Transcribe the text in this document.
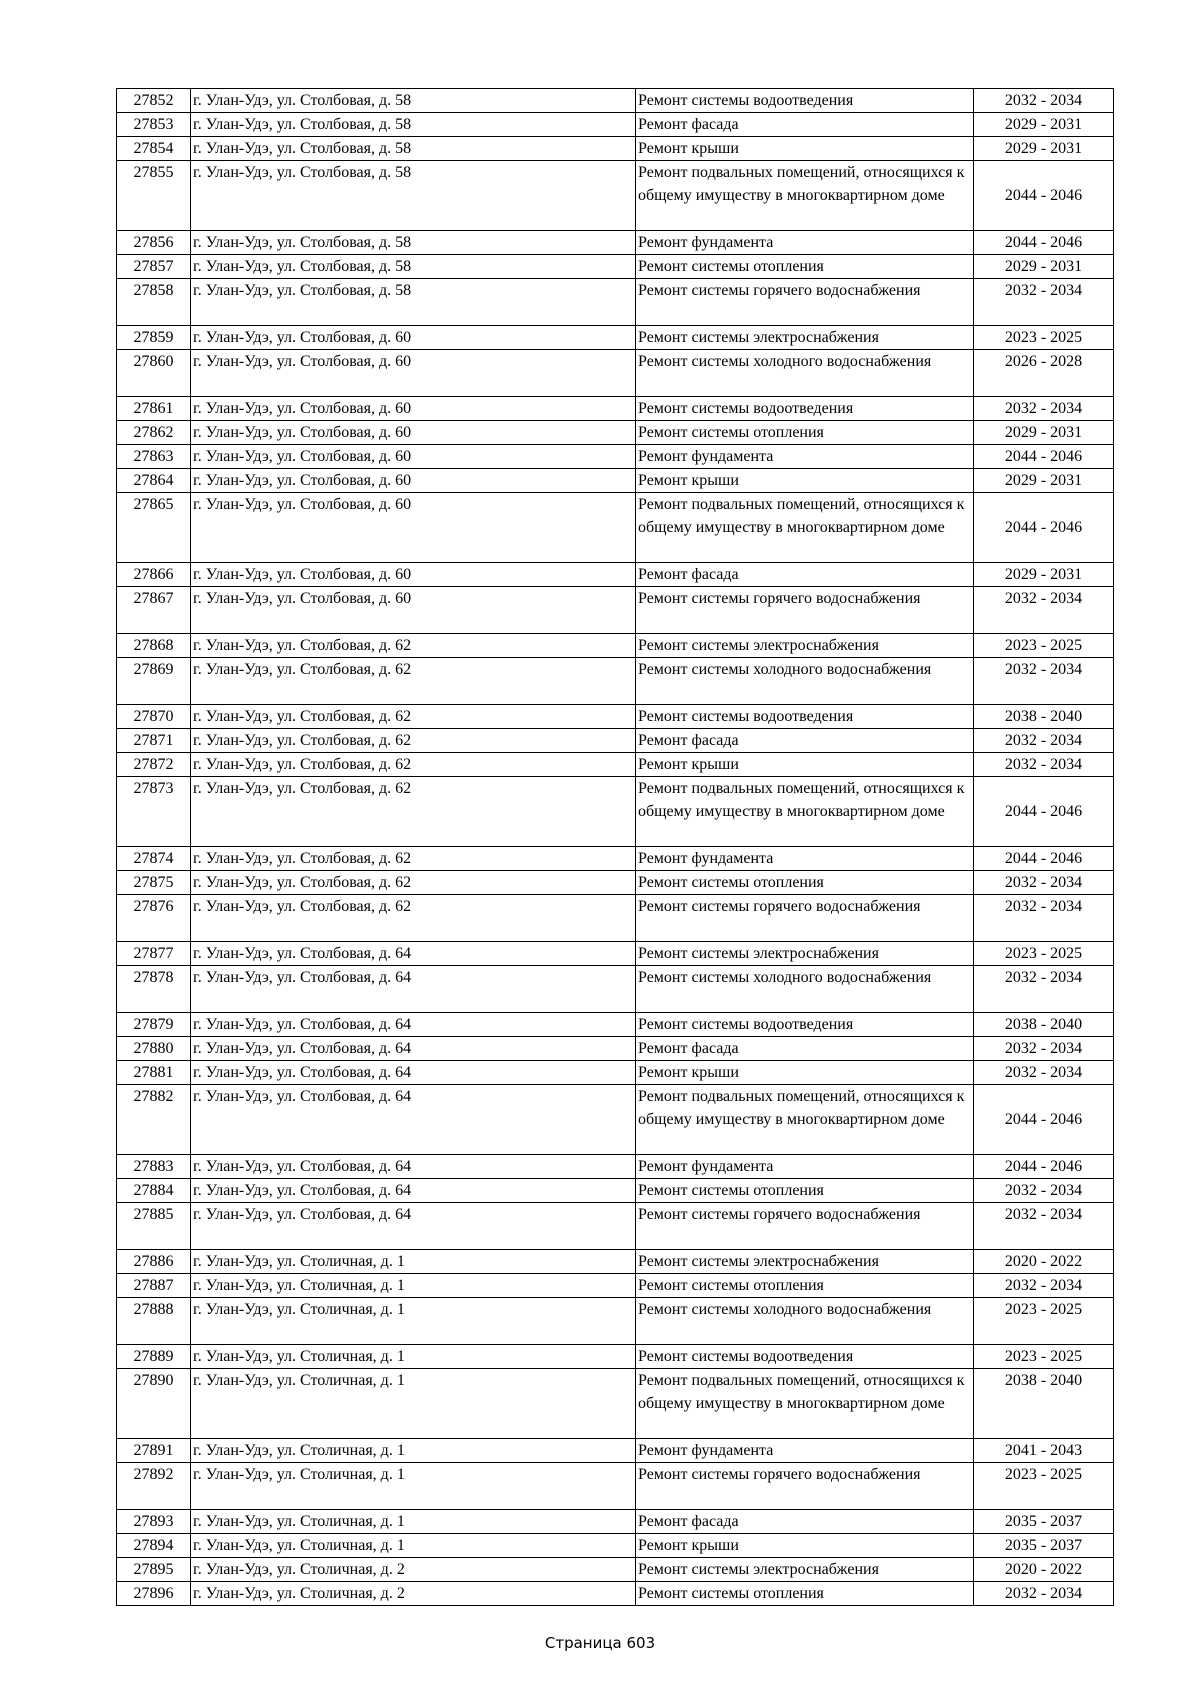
27852	г. Улан-Удэ, ул. Столбовая, д. 58	Ремонт системы водоотведения	2032 - 2034
27853	г. Улан-Удэ, ул. Столбовая, д. 58	Ремонт фасада	2029 - 2031
27854	г. Улан-Удэ, ул. Столбовая, д. 58	Ремонт крыши	2029 - 2031
27855	г. Улан-Удэ, ул. Столбовая, д. 58	Ремонт подвальных помещений, относящихся к общему имуществу в многоквартирном доме	2044 - 2046
27856	г. Улан-Удэ, ул. Столбовая, д. 58	Ремонт фундамента	2044 - 2046
27857	г. Улан-Удэ, ул. Столбовая, д. 58	Ремонт системы отопления	2029 - 2031
27858	г. Улан-Удэ, ул. Столбовая, д. 58	Ремонт системы горячего водоснабжения	2032 - 2034
27859	г. Улан-Удэ, ул. Столбовая, д. 60	Ремонт системы электроснабжения	2023 - 2025
27860	г. Улан-Удэ, ул. Столбовая, д. 60	Ремонт системы холодного водоснабжения	2026 - 2028
27861	г. Улан-Удэ, ул. Столбовая, д. 60	Ремонт системы водоотведения	2032 - 2034
27862	г. Улан-Удэ, ул. Столбовая, д. 60	Ремонт системы отопления	2029 - 2031
27863	г. Улан-Удэ, ул. Столбовая, д. 60	Ремонт фундамента	2044 - 2046
27864	г. Улан-Удэ, ул. Столбовая, д. 60	Ремонт крыши	2029 - 2031
27865	г. Улан-Удэ, ул. Столбовая, д. 60	Ремонт подвальных помещений, относящихся к общему имуществу в многоквартирном доме	2044 - 2046
27866	г. Улан-Удэ, ул. Столбовая, д. 60	Ремонт фасада	2029 - 2031
27867	г. Улан-Удэ, ул. Столбовая, д. 60	Ремонт системы горячего водоснабжения	2032 - 2034
27868	г. Улан-Удэ, ул. Столбовая, д. 62	Ремонт системы электроснабжения	2023 - 2025
27869	г. Улан-Удэ, ул. Столбовая, д. 62	Ремонт системы холодного водоснабжения	2032 - 2034
27870	г. Улан-Удэ, ул. Столбовая, д. 62	Ремонт системы водоотведения	2038 - 2040
27871	г. Улан-Удэ, ул. Столбовая, д. 62	Ремонт фасада	2032 - 2034
27872	г. Улан-Удэ, ул. Столбовая, д. 62	Ремонт крыши	2032 - 2034
27873	г. Улан-Удэ, ул. Столбовая, д. 62	Ремонт подвальных помещений, относящихся к общему имуществу в многоквартирном доме	2044 - 2046
27874	г. Улан-Удэ, ул. Столбовая, д. 62	Ремонт фундамента	2044 - 2046
27875	г. Улан-Удэ, ул. Столбовая, д. 62	Ремонт системы отопления	2032 - 2034
27876	г. Улан-Удэ, ул. Столбовая, д. 62	Ремонт системы горячего водоснабжения	2032 - 2034
27877	г. Улан-Удэ, ул. Столбовая, д. 64	Ремонт системы электроснабжения	2023 - 2025
27878	г. Улан-Удэ, ул. Столбовая, д. 64	Ремонт системы холодного водоснабжения	2032 - 2034
27879	г. Улан-Удэ, ул. Столбовая, д. 64	Ремонт системы водоотведения	2038 - 2040
27880	г. Улан-Удэ, ул. Столбовая, д. 64	Ремонт фасада	2032 - 2034
27881	г. Улан-Удэ, ул. Столбовая, д. 64	Ремонт крыши	2032 - 2034
27882	г. Улан-Удэ, ул. Столбовая, д. 64	Ремонт подвальных помещений, относящихся к общему имуществу в многоквартирном доме	2044 - 2046
27883	г. Улан-Удэ, ул. Столбовая, д. 64	Ремонт фундамента	2044 - 2046
27884	г. Улан-Удэ, ул. Столбовая, д. 64	Ремонт системы отопления	2032 - 2034
27885	г. Улан-Удэ, ул. Столбовая, д. 64	Ремонт системы горячего водоснабжения	2032 - 2034
27886	г. Улан-Удэ, ул. Столичная, д. 1	Ремонт системы электроснабжения	2020 - 2022
27887	г. Улан-Удэ, ул. Столичная, д. 1	Ремонт системы отопления	2032 - 2034
27888	г. Улан-Удэ, ул. Столичная, д. 1	Ремонт системы холодного водоснабжения	2023 - 2025
27889	г. Улан-Удэ, ул. Столичная, д. 1	Ремонт системы водоотведения	2023 - 2025
27890	г. Улан-Удэ, ул. Столичная, д. 1	Ремонт подвальных помещений, относящихся к общему имуществу в многоквартирном доме	2038 - 2040
27891	г. Улан-Удэ, ул. Столичная, д. 1	Ремонт фундамента	2041 - 2043
27892	г. Улан-Удэ, ул. Столичная, д. 1	Ремонт системы горячего водоснабжения	2023 - 2025
27893	г. Улан-Удэ, ул. Столичная, д. 1	Ремонт фасада	2035 - 2037
27894	г. Улан-Удэ, ул. Столичная, д. 1	Ремонт крыши	2035 - 2037
27895	г. Улан-Удэ, ул. Столичная, д. 2	Ремонт системы электроснабжения	2020 - 2022
27896	г. Улан-Удэ, ул. Столичная, д. 2	Ремонт системы отопления	2032 - 2034
Страница 603
